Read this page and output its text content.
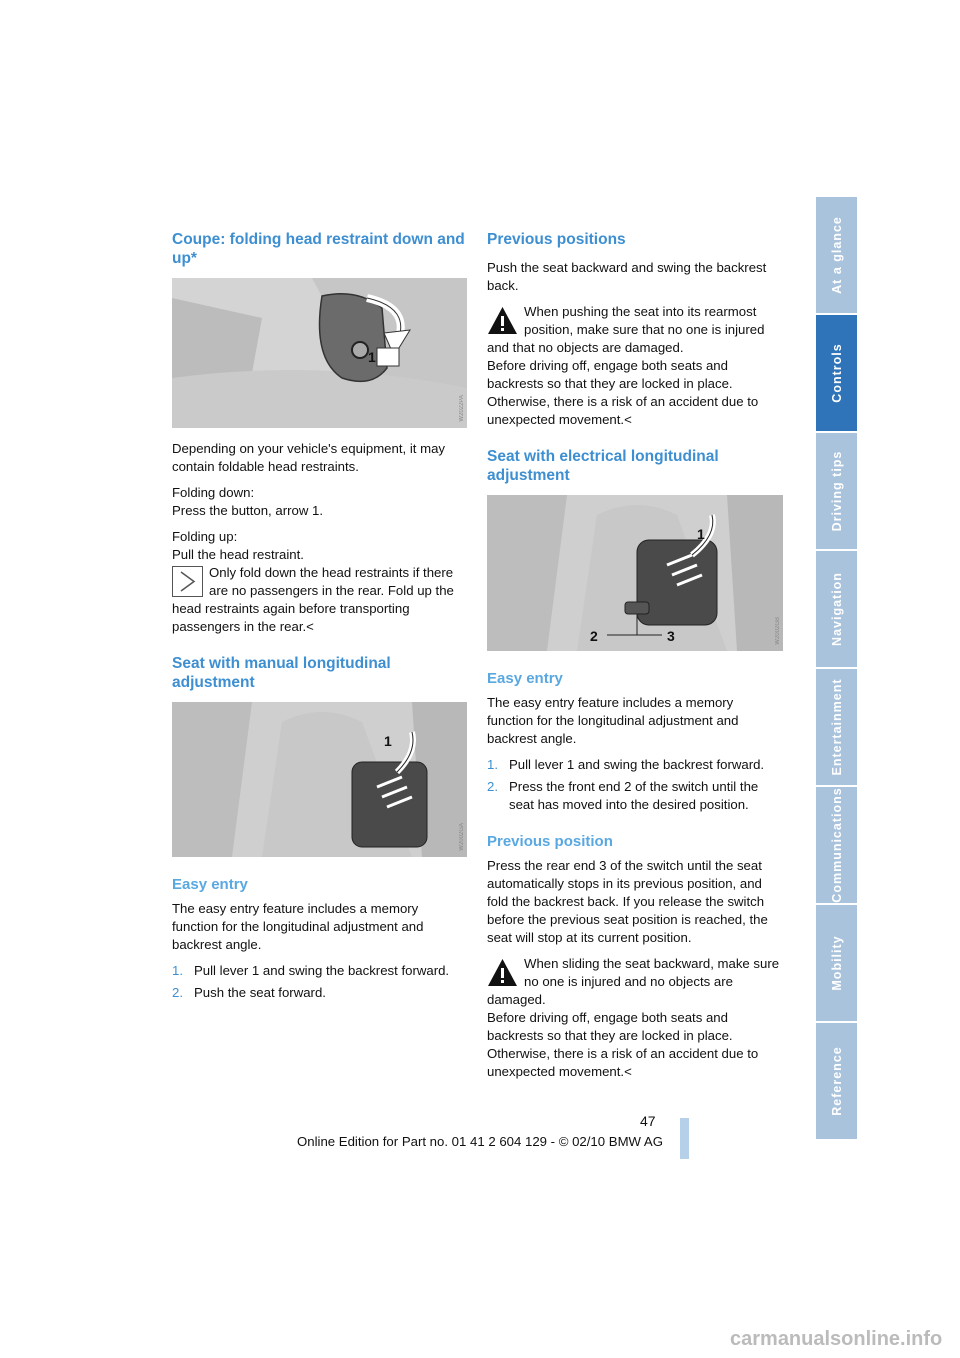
Coupe: folding head restraint down and up*
1
W2022PA

Depending on your vehicle's equipment, it may contain foldable head restraints.

Folding down:
Press the button, arrow 1.

Folding up:
Pull the head restraint.

Only fold down the head restraints if there are no passengers in the rear. Fold up the head restraints again before transporting passengers in the rear.<
Seat with manual longitudinal adjustment
1
W2002GA
Easy entry

The easy entry feature includes a memory function for the longitudinal adjustment and backrest angle.

1. Pull lever 1 and swing the backrest forward.
2. Push the seat forward.
Previous positions

Push the seat backward and swing the backrest back.

When pushing the seat into its rearmost position, make sure that no one is injured and that no objects are damaged.
Before driving off, engage both seats and backrests so that they are locked in place. Otherwise, there is a risk of an accident due to unexpected movement.<
Seat with electrical longitudinal adjustment
1
2	3	W2002GB
Easy entry

The easy entry feature includes a memory function for the longitudinal adjustment and backrest angle.

1. Pull lever 1 and swing the backrest forward.
2. Press the front end 2 of the switch until the seat has moved into the desired position.
Previous position

Press the rear end 3 of the switch until the seat automatically stops in its previous position, and fold the backrest back. If you release the switch before the previous seat position is reached, the seat will stop at its current position.

When sliding the seat backward, make sure no one is injured and no objects are damaged.
Before driving off, engage both seats and backrests so that they are locked in place. Otherwise, there is a risk of an accident due to unexpected movement.<
At a glance
Controls
Driving tips
Navigation
Entertainment
Communications
Mobility
Reference
47
Online Edition for Part no. 01 41 2 604 129 - © 02/10 BMW AG
carmanualsonline.info
